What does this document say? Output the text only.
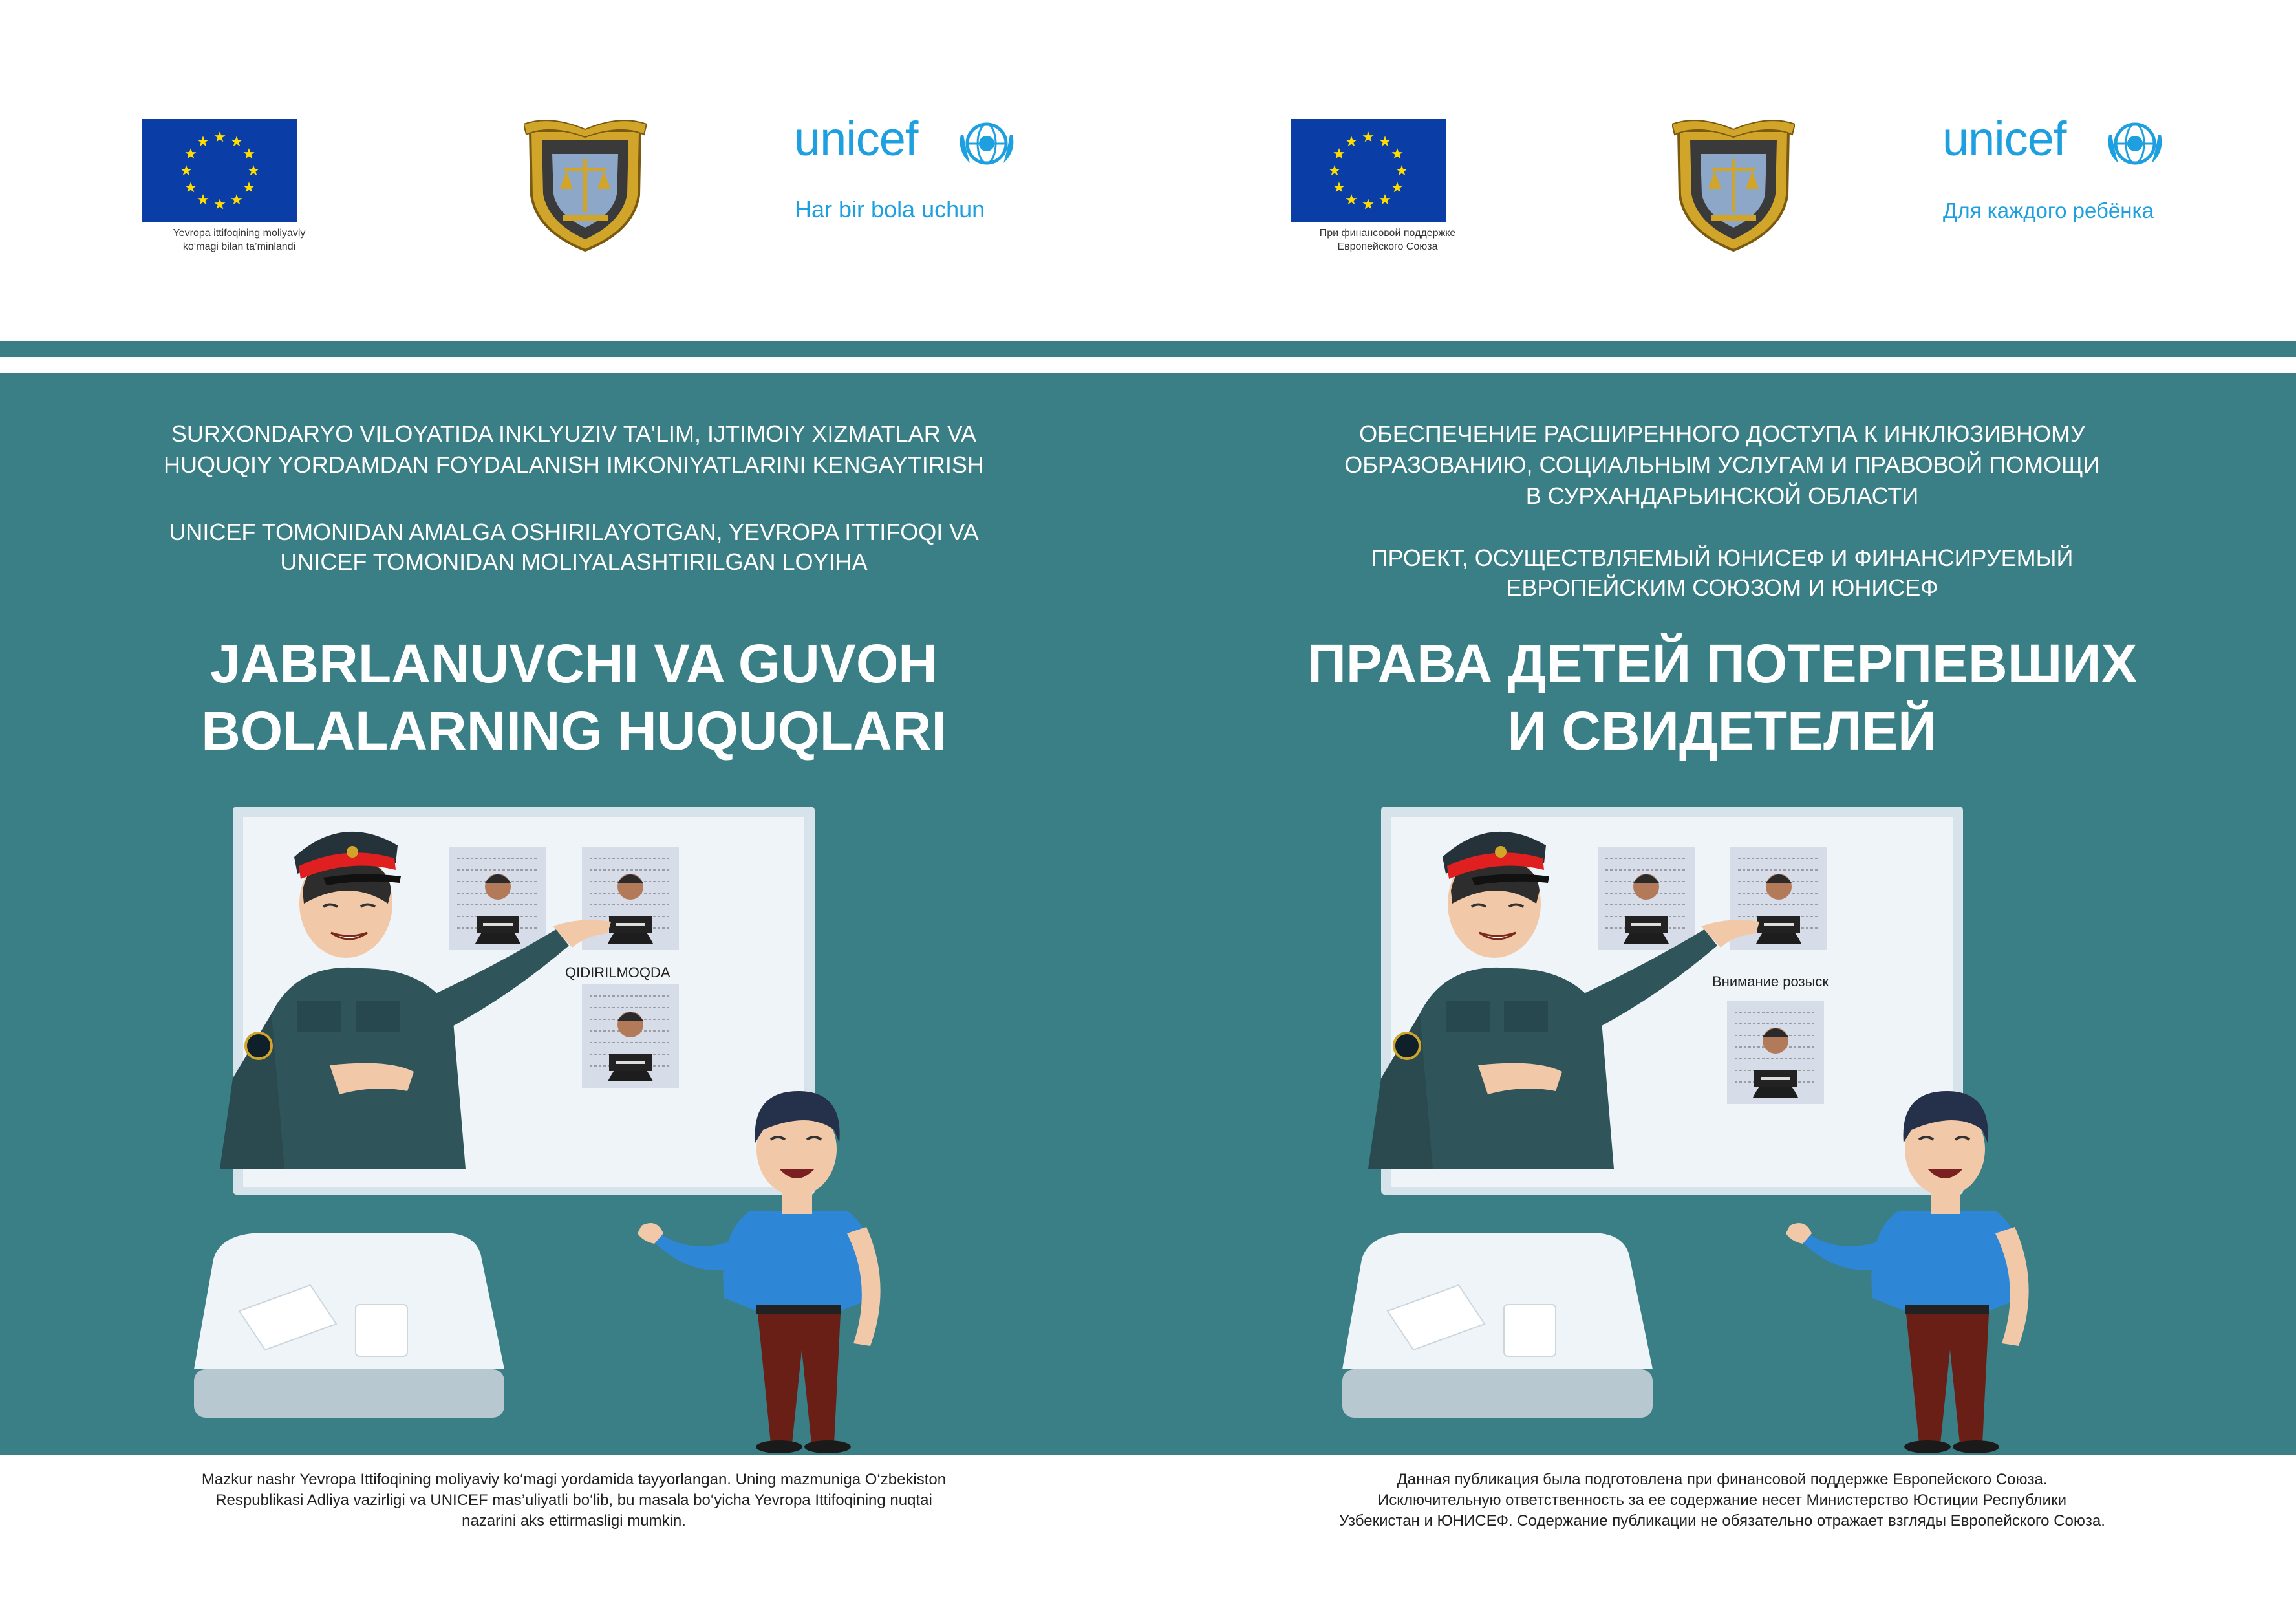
Yevropa ittifoqining moliyaviy
ko‘magi bilan ta’minlandi
unicef
Har bir bola uchun
SURXONDARYO VILOYATIDA INKLYUZIV TA'LIM, IJTIMOIY XIZMATLAR VA
HUQUQIY YORDAMDAN FOYDALANISH IMKONIYATLARINI KENGAYTIRISH
UNICEF TOMONIDAN AMALGA OSHIRILAYOTGAN, YEVROPA ITTIFOQI VA
UNICEF TOMONIDAN MOLIYALASHTIRILGAN LOYIHA
JABRLANUVCHI VA GUVOH
BOLALARNING HUQUQLARI
QIDIRILMOQDA
Mazkur nashr Yevropa Ittifoqining moliyaviy ko‘magi yordamida tayyorlangan. Uning mazmuniga O‘zbekiston
Respublikasi Adliya vazirligi va UNICEF mas’uliyatli bo‘lib, bu masala bo‘yicha Yevropa Ittifoqining nuqtai
nazarini aks ettirmasligi mumkin.
При финансовой поддержке
Европейского Союза
unicef
Для каждого ребёнка
ОБЕСПЕЧЕНИЕ РАСШИРЕННОГО ДОСТУПА К ИНКЛЮЗИВНОМУ
ОБРАЗОВАНИЮ, СОЦИАЛЬНЫМ УСЛУГАМ И ПРАВОВОЙ ПОМОЩИ
В СУРХАНДАРЬИНСКОЙ ОБЛАСТИ
ПРОЕКТ, ОСУЩЕСТВЛЯЕМЫЙ ЮНИСЕФ И ФИНАНСИРУЕМЫЙ
ЕВРОПЕЙСКИМ СОЮЗОМ И ЮНИСЕФ
ПРАВА ДЕТЕЙ ПОТЕРПЕВШИХ
И СВИДЕТЕЛЕЙ
Внимание розыск
Данная публикация была подготовлена при финансовой поддержке Европейского Союза.
Исключительную ответственность за ее содержание несет Министерство Юстиции Республики
Узбекистан и ЮНИСЕФ. Содержание публикации не обязательно отражает взгляды Европейского Союза.
